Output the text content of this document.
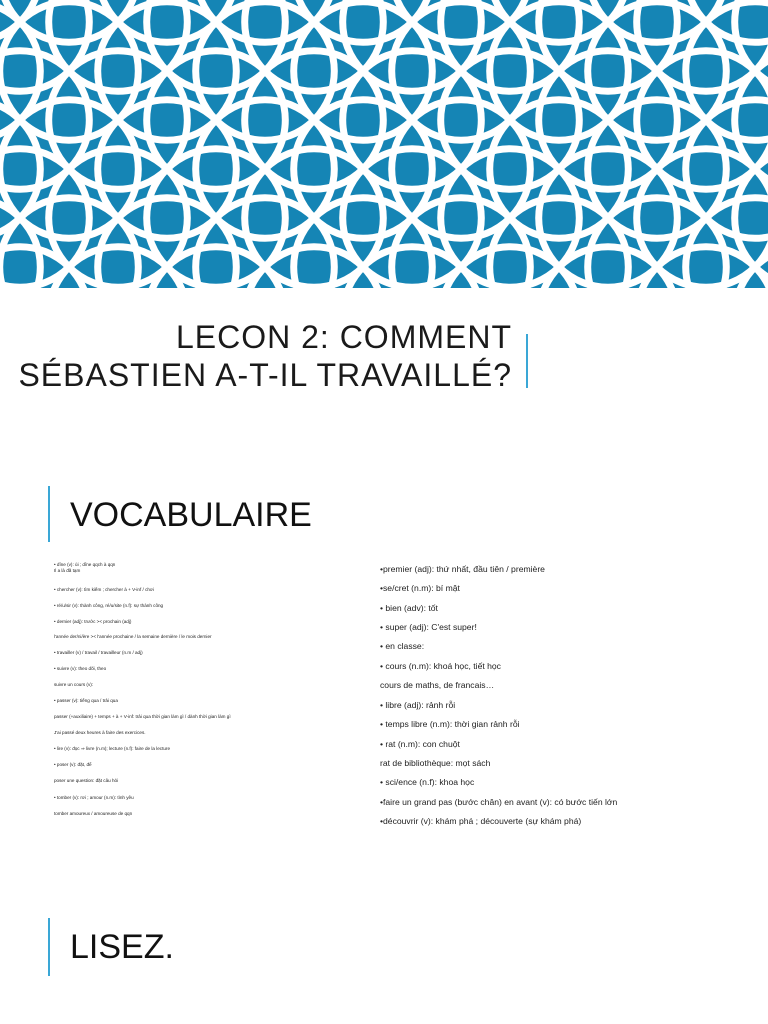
LECON 2: COMMENT
SÉBASTIEN A-T-IL TRAVAILLÉ?
VOCABULAIRE
• dîne (v): ủi ; dîne qqch à qqn
Il a là đã tạm
• chercher (v): tìm kiếm ; chercher à + V-inf / chơi
• ré/u/sir (v): thành công, ré/u/site (n.f): sự thành công
• dernier (adj): trước >< prochain (adj)
l'année der/ni/ère >< l'année prochaine / la semaine dernière / le mois dernier
• travailler (v) / travail / travailleur (n.m / adj)
• suivre (v): theo dõi, theo
suivre un cours (v):
• passer (v): tiếng qua / trải qua
passer (+auxiliaire) + temps + à + V-inf: trải qua thời gian làm gì / dành thời gian làm gì
J'ai passé deux heures à faire des exercices.
• lire (v): đọc ⇒ livre (n.m); lecture (n.f): faire de la lecture
• poser (v): đặt, để
poser une question: đặt câu hỏi
• tomber (v): rơi ; amour (n.m): tình yêu
tomber amoureux / amoureuse de qqn
•premier (adj): thứ nhất, đầu tiên / première
•se/cret (n.m): bí mật
• bien (adv): tốt
• super (adj): C'est super!
• en classe:
• cours (n.m): khoá học, tiết học
cours de maths, de francais…
• libre (adj): rảnh rỗi
• temps libre (n.m): thời gian rảnh rỗi
• rat (n.m): con chuột
rat de bibliothèque: mọt sách
• sci/ence (n.f): khoa học
•faire un grand pas (bước chân) en avant (v): có bước tiến lớn
•découvrir (v): khám phá ; découverte (sự khám phá)
LISEZ.
